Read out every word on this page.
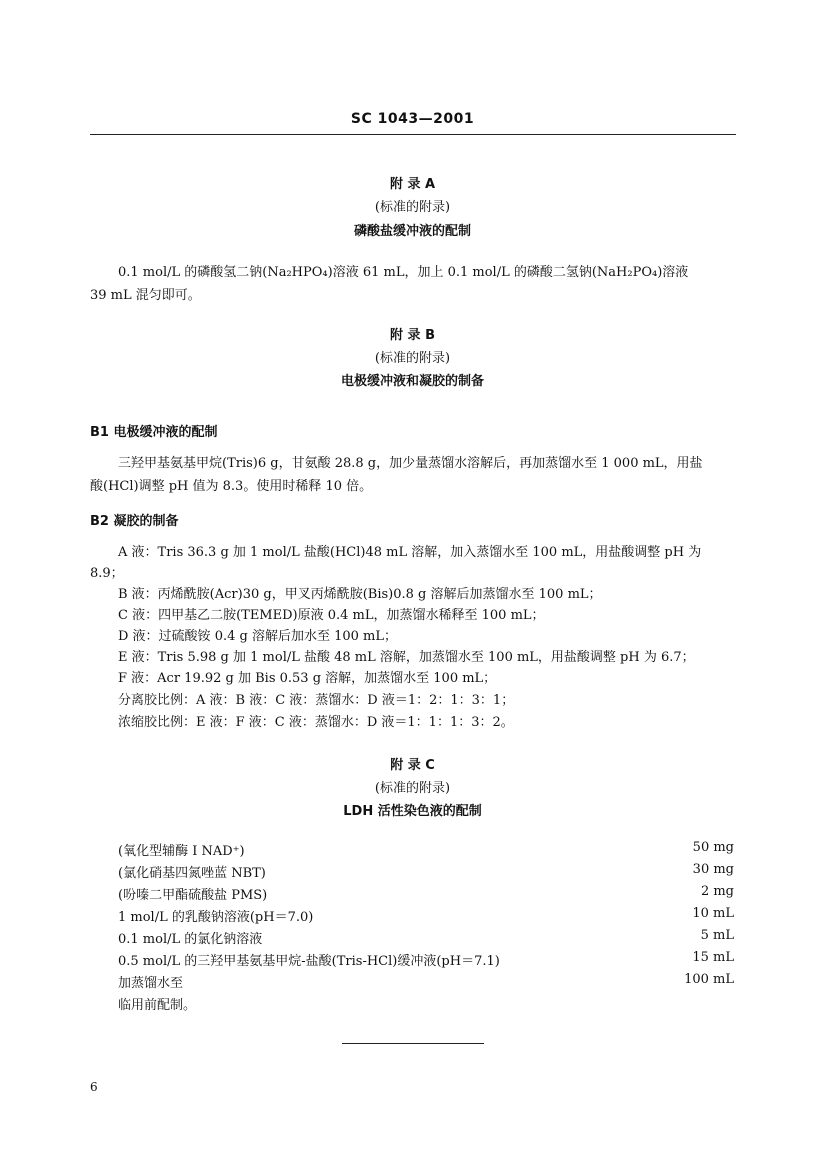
SC 1043—2001
附 录 A
(标准的附录)
磷酸盐缓冲液的配制
0.1 mol/L 的磷酸氢二钠(Na₂HPO₄)溶液 61 mL，加上 0.1 mol/L 的磷酸二氢钠(NaH₂PO₄)溶液
39 mL 混匀即可。
附 录 B
(标准的附录)
电极缓冲液和凝胶的制备
B1 电极缓冲液的配制
三羟甲基氨基甲烷(Tris)6 g，甘氨酸 28.8 g，加少量蒸馏水溶解后，再加蒸馏水至 1 000 mL，用盐
酸(HCl)调整 pH 值为 8.3。使用时稀释 10 倍。
B2 凝胶的制备
A 液：Tris 36.3 g 加 1 mol/L 盐酸(HCl)48 mL 溶解，加入蒸馏水至 100 mL，用盐酸调整 pH 为
8.9；
B 液：丙烯酰胺(Acr)30 g，甲叉丙烯酰胺(Bis)0.8 g 溶解后加蒸馏水至 100 mL；
C 液：四甲基乙二胺(TEMED)原液 0.4 mL，加蒸馏水稀释至 100 mL；
D 液：过硫酸铵 0.4 g 溶解后加水至 100 mL；
E 液：Tris 5.98 g 加 1 mol/L 盐酸 48 mL 溶解，加蒸馏水至 100 mL，用盐酸调整 pH 为 6.7；
F 液：Acr 19.92 g 加 Bis 0.53 g 溶解，加蒸馏水至 100 mL；
分离胶比例：A 液：B 液：C 液：蒸馏水：D 液＝1：2：1：3：1；
浓缩胶比例：E 液：F 液：C 液：蒸馏水：D 液＝1：1：1：3：2。
附 录 C
(标准的附录)
LDH 活性染色液的配制
(氧化型辅酶 I NAD⁺)	50 mg
(氯化硝基四氮唑蓝 NBT)	30 mg
(吩嗪二甲酯硫酸盐 PMS)	2 mg
1 mol/L 的乳酸钠溶液(pH＝7.0)	10 mL
0.1 mol/L 的氯化钠溶液	5 mL
0.5 mol/L 的三羟甲基氨基甲烷-盐酸(Tris-HCl)缓冲液(pH＝7.1)	15 mL
加蒸馏水至	100 mL
临用前配制。
6
